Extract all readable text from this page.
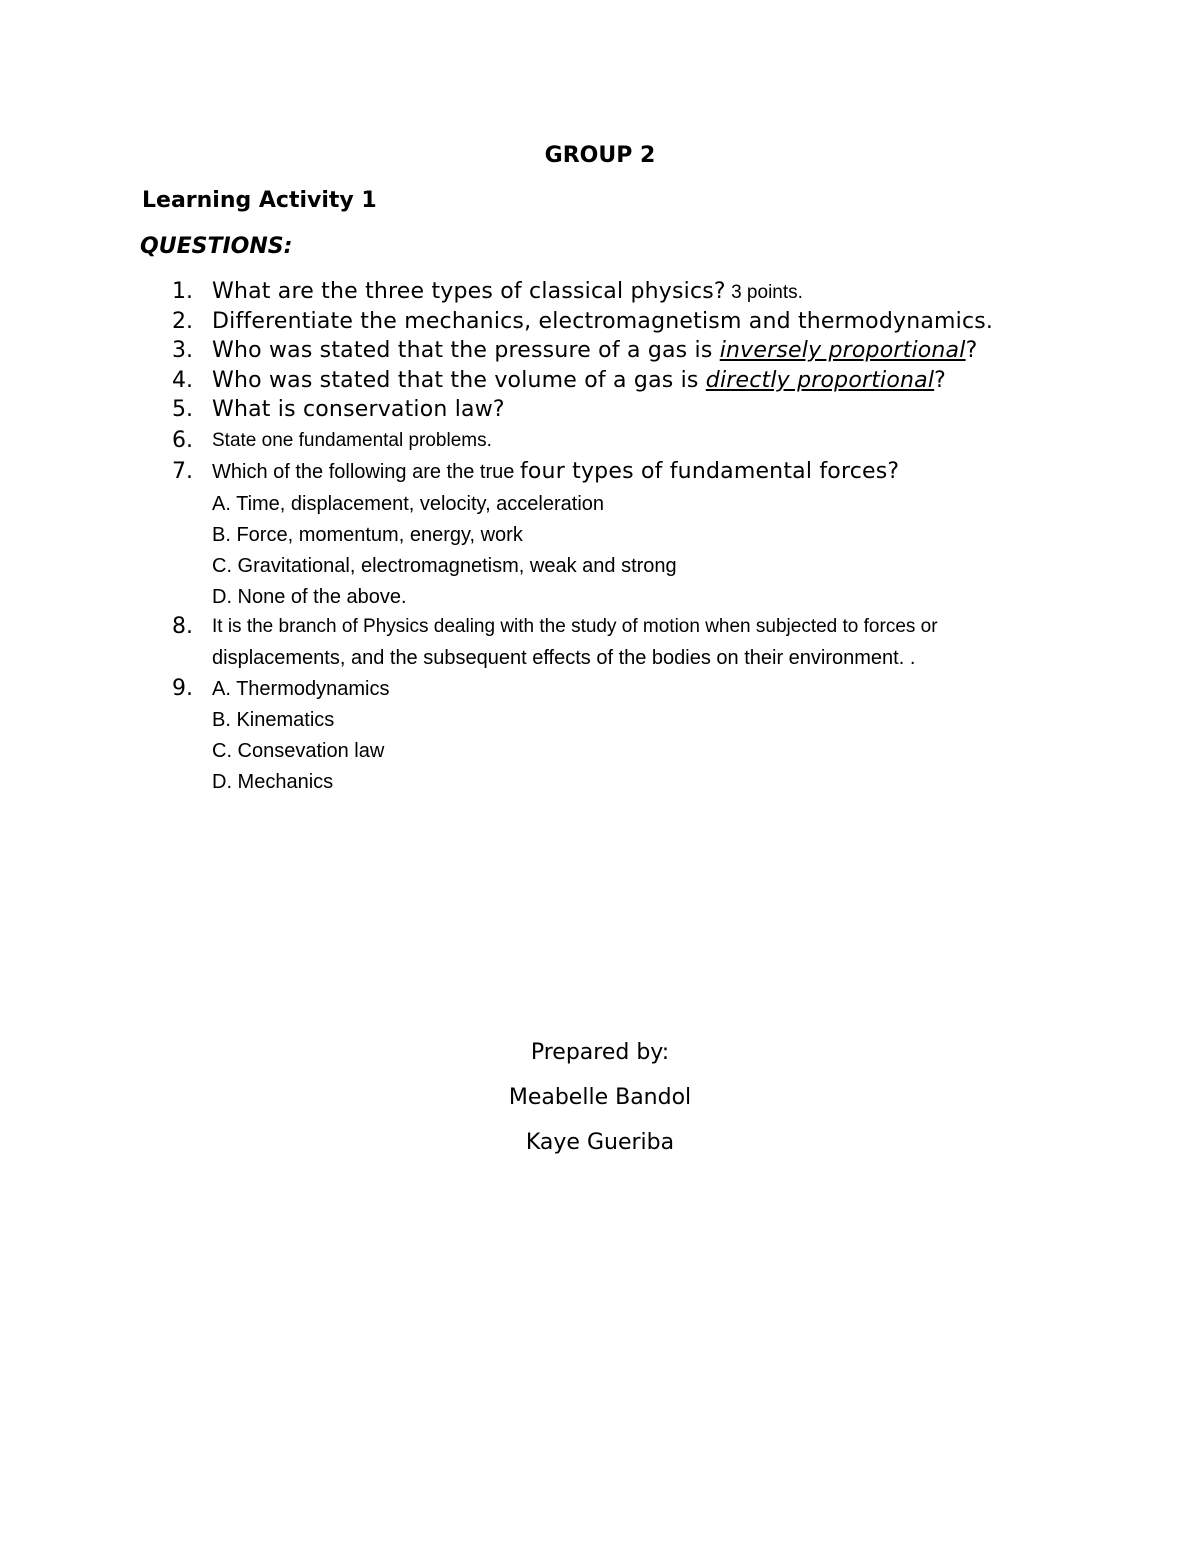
GROUP 2
Learning Activity 1
QUESTIONS:
1. What are the three types of classical physics? 3 points.
2. Differentiate the mechanics, electromagnetism and thermodynamics.
3. Who was stated that the pressure of a gas is inversely proportional?
4. Who was stated that the volume of a gas is directly proportional?
5. What is conservation law?
6.	State one fundamental problems.
7. Which of the following are the true four types of fundamental forces?
A. Time, displacement, velocity, acceleration
B. Force, momentum, energy, work
C. Gravitational, electromagnetism, weak and strong
D. None of the above.
8.	It is the branch of Physics dealing with the study of motion when subjected to forces or
displacements, and the subsequent effects of the bodies on their environment. .
9. A. Thermodynamics
B. Kinematics
C. Consevation law
D. Mechanics
Prepared by:
Meabelle Bandol
Kaye Gueriba
